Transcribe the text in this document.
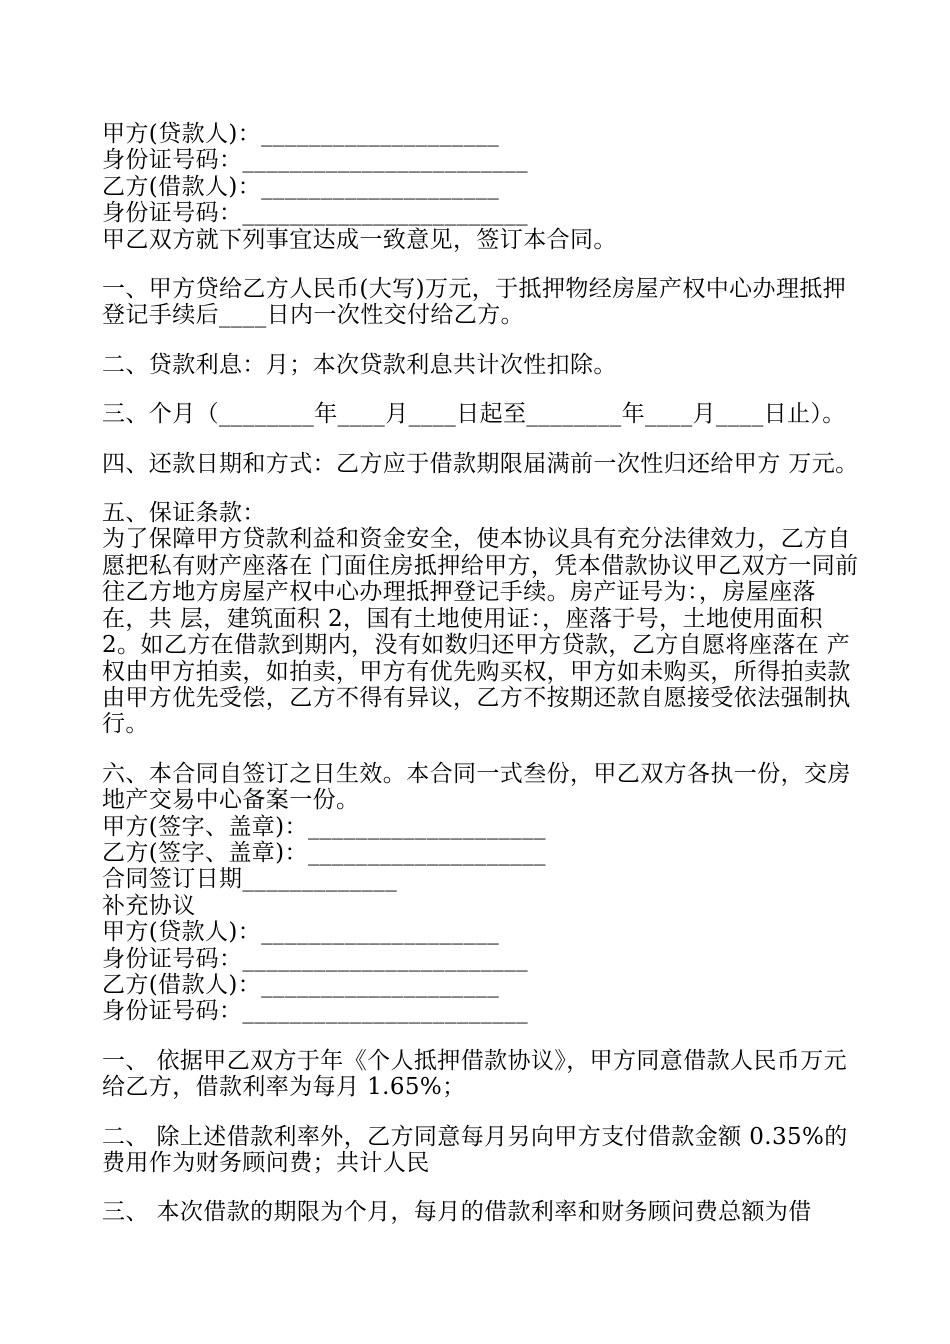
甲方(贷款人)：____________________
身份证号码：________________________
乙方(借款人)：____________________
身份证号码：________________________
甲乙双方就下列事宜达成一致意见，签订本合同。
一、甲方贷给乙方人民币(大写)万元，于抵押物经房屋产权中心办理抵押登记手续后____日内一次性交付给乙方。
二、贷款利息：月；本次贷款利息共计次性扣除。
三、个月（________年____月____日起至________年____月____日止）。
四、还款日期和方式：乙方应于借款期限届满前一次性归还给甲方 万元。
五、保证条款：
为了保障甲方贷款利益和资金安全，使本协议具有充分法律效力，乙方自愿把私有财产座落在 门面住房抵押给甲方，凭本借款协议甲乙双方一同前往乙方地方房屋产权中心办理抵押登记手续。房产证号为：，房屋座落在，共 层，建筑面积 2，国有土地使用证：，座落于号，土地使用面积 2。如乙方在借款到期内，没有如数归还甲方贷款，乙方自愿将座落在 产权由甲方拍卖，如拍卖，甲方有优先购买权，甲方如未购买，所得拍卖款由甲方优先受偿，乙方不得有异议，乙方不按期还款自愿接受依法强制执行。
六、本合同自签订之日生效。本合同一式叁份，甲乙双方各执一份，交房地产交易中心备案一份。
甲方(签字、盖章)：____________________
乙方(签字、盖章)：____________________
合同签订日期_____________
补充协议
甲方(贷款人)：____________________
身份证号码：________________________
乙方(借款人)：____________________
身份证号码：________________________
一、 依据甲乙双方于年《个人抵押借款协议》，甲方同意借款人民币万元给乙方，借款利率为每月 1.65%；
二、 除上述借款利率外，乙方同意每月另向甲方支付借款金额 0.35%的费用作为财务顾问费；共计人民
三、 本次借款的期限为个月，每月的借款利率和财务顾问费总额为借
